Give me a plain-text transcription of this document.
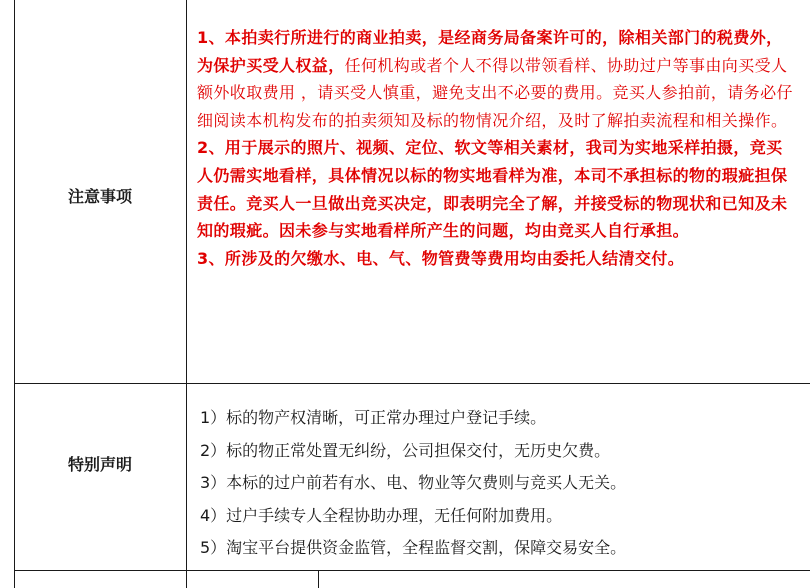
注意事项

1、本拍卖行所进行的商业拍卖，是经商务局备案许可的，除相关部门的税费外，为保护买受人权益，任何机构或者个人不得以带领看样、协助过户等事由向买受人额外收取费用 ，请买受人慎重，避免支出不必要的费用。竞买人参拍前，请务必仔细阅读本机构发布的拍卖须知及标的物情况介绍，及时了解拍卖流程和相关操作。

2、用于展示的照片、视频、定位、软文等相关素材，我司为实地采样拍摄，竞买人仍需实地看样，具体情况以标的物实地看样为准，本司不承担标的物的瑕疵担保责任。竞买人一旦做出竞买决定，即表明完全了解，并接受标的物现状和已知及未知的瑕疵。因未参与实地看样所产生的问题，均由竞买人自行承担。

3、所涉及的欠缴水、电、气、物管费等费用均由委托人结清交付。

特别声明

1）标的物产权清晰，可正常办理过户登记手续。

2）标的物正常处置无纠纷，公司担保交付，无历史欠费。

3）本标的过户前若有水、电、物业等欠费则与竞买人无关。

4）过户手续专人全程协助办理，无任何附加费用。

5）淘宝平台提供资金监管，全程监督交割，保障交易安全。
